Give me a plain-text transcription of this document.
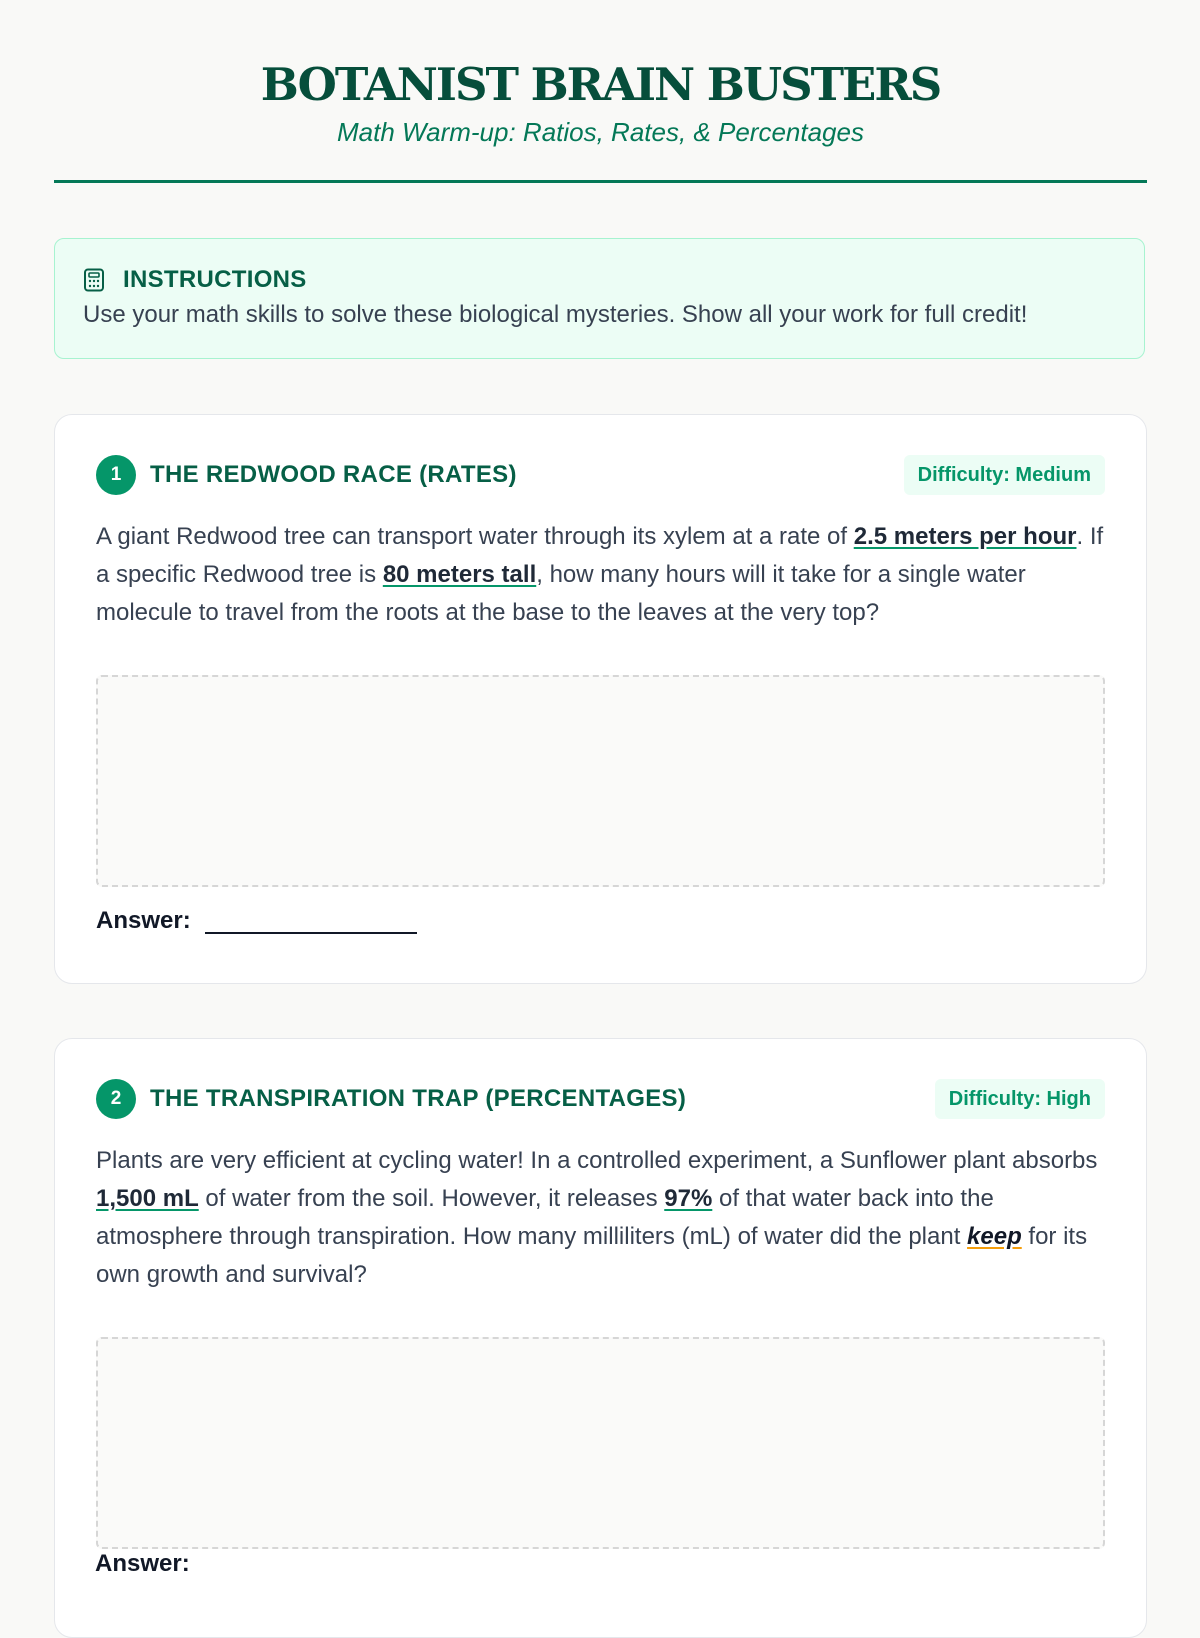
BOTANIST BRAIN BUSTERS
Math Warm-up: Ratios, Rates, & Percentages
INSTRUCTIONS
Use your math skills to solve these biological mysteries. Show all your work for full credit!
1	THE REDWOOD RACE (RATES)	Difficulty: Medium
A giant Redwood tree can transport water through its xylem at a rate of 2.5 meters per hour. If a specific Redwood tree is 80 meters tall, how many hours will it take for a single water molecule to travel from the roots at the base to the leaves at the very top?
Answer:
2	THE TRANSPIRATION TRAP (PERCENTAGES)	Difficulty: High
Plants are very efficient at cycling water! In a controlled experiment, a Sunflower plant absorbs 1,500 mL of water from the soil. However, it releases 97% of that water back into the atmosphere through transpiration. How many milliliters (mL) of water did the plant keep for its own growth and survival?
Answer:
